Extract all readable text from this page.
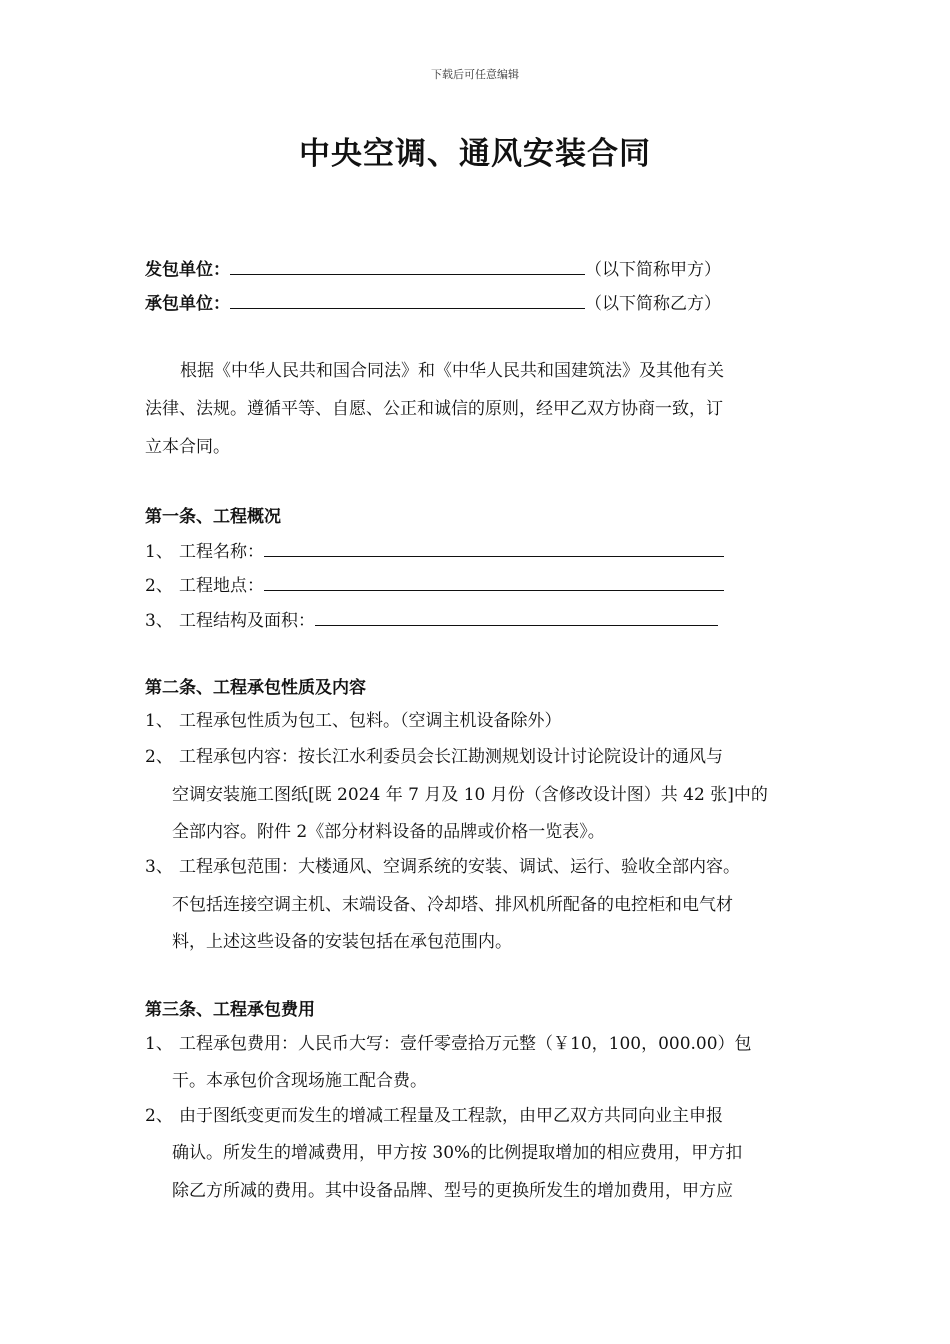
下载后可任意编辑
中央空调、通风安装合同
发包单位：	（以下简称甲方）
承包单位：	（以下简称乙方）
根据《中华人民共和国合同法》和《中华人民共和国建筑法》及其他有关
法律、法规。遵循平等、自愿、公正和诚信的原则，经甲乙双方协商一致，订
立本合同。
第一条、工程概况
1、 工程名称：
2、 工程地点：
3、 工程结构及面积：
第二条、工程承包性质及内容
1、 工程承包性质为包工、包料。（空调主机设备除外）
2、 工程承包内容：按长江水利委员会长江勘测规划设计讨论院设计的通风与
空调安装施工图纸[既 2024 年 7 月及 10 月份（含修改设计图）共 42 张]中的
全部内容。附件 2《部分材料设备的品牌或价格一览表》。
3、 工程承包范围：大楼通风、空调系统的安装、调试、运行、验收全部内容。
不包括连接空调主机、末端设备、冷却塔、排风机所配备的电控柜和电气材
料，上述这些设备的安装包括在承包范围内。
第三条、工程承包费用
1、 工程承包费用：人民币大写：壹仟零壹拾万元整（￥10，100，000.00）包
干。本承包价含现场施工配合费。
2、 由于图纸变更而发生的增减工程量及工程款，由甲乙双方共同向业主申报
确认。所发生的增减费用，甲方按 30%的比例提取增加的相应费用，甲方扣
除乙方所减的费用。其中设备品牌、型号的更换所发生的增加费用，甲方应
